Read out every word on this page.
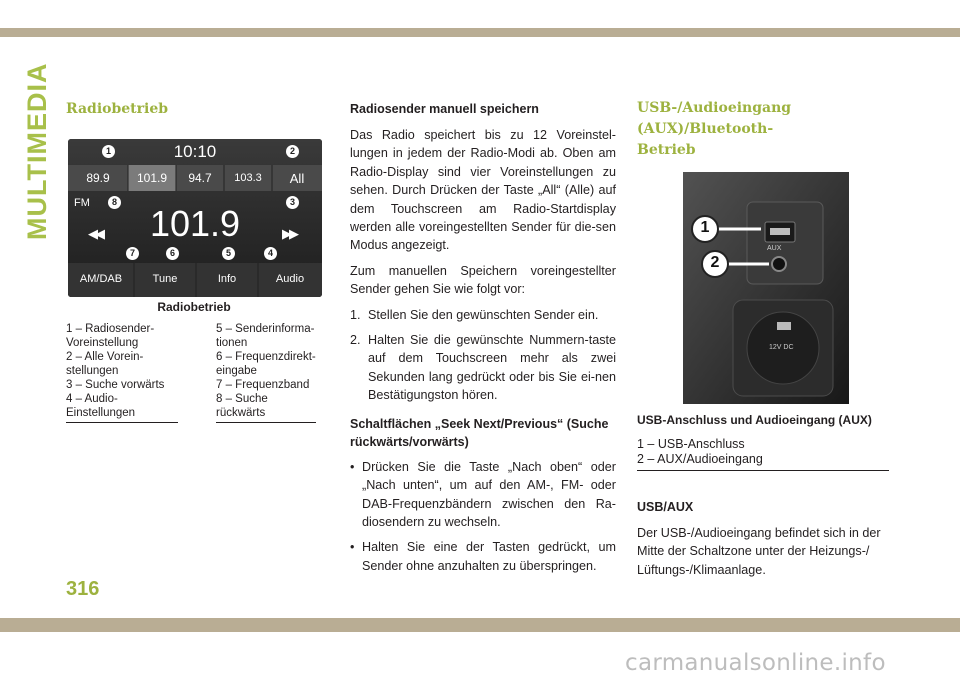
MULTIMEDIA Radiobetrieb
10:10
89.9	101.9	94.7	103.3	All
FM	101.9
◀◀	▶▶
AM/DAB	Tune	Info	Audio
1	2
3
4
5
6
7
8
Radiobetrieb
1 – Radiosender-
Voreinstellung
2 – Alle Vorein-
stellungen
3 – Suche vorwärts
4 – Audio-
Einstellungen
5 – Senderinforma-
tionen
6 – Frequenzdirekt-
eingabe
7 – Frequenzband
8 – Suche rückwärts
Radiosender manuell speichern

Das Radio speichert bis zu 12 Voreinstel-lungen in jedem der Radio-Modi ab. Oben am Radio-Display sind vier Voreinstellungen zu sehen. Durch Drücken der Taste „All“ (Alle) auf dem Touchscreen am Radio-Startdisplay werden alle voreingestellten Sender für die-sen Modus angezeigt.

Zum manuellen Speichern voreingestellter Sender gehen Sie wie folgt vor:

1. Stellen Sie den gewünschten Sender ein.
2. Halten Sie die gewünschte Nummern-taste auf dem Touchscreen mehr als zwei Sekunden lang gedrückt oder bis Sie ei-nen Bestätigungston hören.
Schaltflächen „Seek Next/Previous“ (Suche rückwärts/vorwärts)
• Drücken Sie die Taste „Nach oben“ oder „Nach unten“, um auf den AM-, FM- oder DAB-Frequenzbändern zwischen den Ra-diosendern zu wechseln.
• Halten Sie eine der Tasten gedrückt, um Sender ohne anzuhalten zu überspringen.
USB-/Audioeingang (AUX)/Bluetooth-
Betrieb
1
2
AUX
12V DC
USB-Anschluss und Audioeingang (AUX)
1 – USB-Anschluss
2 – AUX/Audioeingang
USB/AUX

Der USB-/Audioeingang befindet sich in der Mitte der Schaltzone unter der Heizungs-/ Lüftungs-/Klimaanlage.

316
carmanualsonline.info
